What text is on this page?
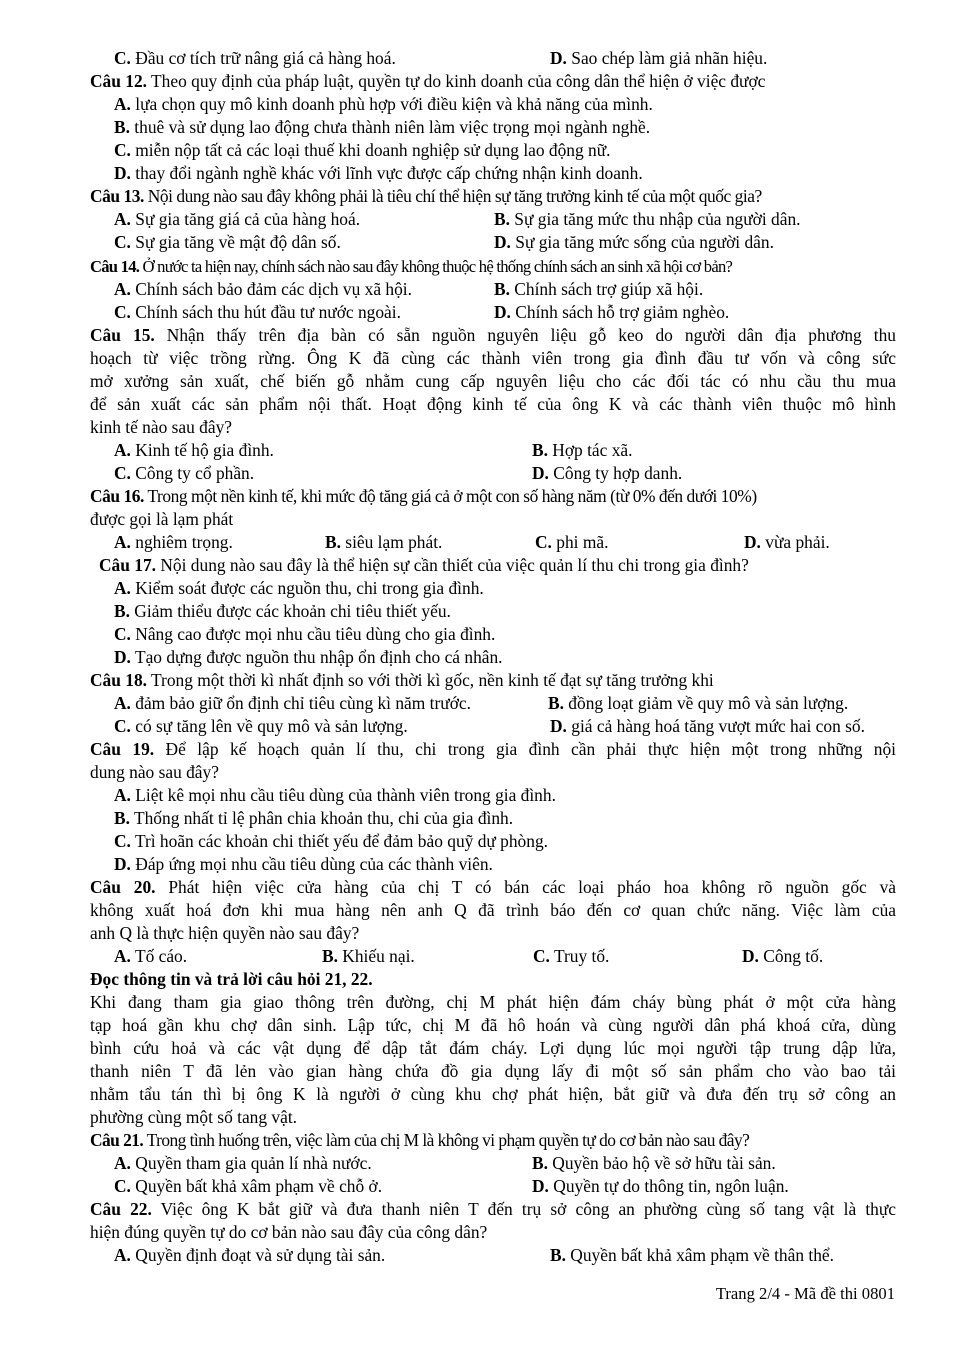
C. Đầu cơ tích trữ nâng giá cả hàng hoá.	D. Sao chép làm giả nhãn hiệu.
Câu 12. Theo quy định của pháp luật, quyền tự do kinh doanh của công dân thể hiện ở việc được
A. lựa chọn quy mô kinh doanh phù hợp với điều kiện và khả năng của mình.
B. thuê và sử dụng lao động chưa thành niên làm việc trọng mọi ngành nghề.
C. miễn nộp tất cả các loại thuế khi doanh nghiệp sử dụng lao động nữ.
D. thay đổi ngành nghề khác với lĩnh vực được cấp chứng nhận kinh doanh.
Câu 13. Nội dung nào sau đây không phải là tiêu chí thể hiện sự tăng trưởng kinh tế của một quốc gia?
A. Sự gia tăng giá cả của hàng hoá.	B. Sự gia tăng mức thu nhập của người dân.
C. Sự gia tăng về mật độ dân số.	D. Sự gia tăng mức sống của người dân.
Câu 14. Ở nước ta hiện nay, chính sách nào sau đây không thuộc hệ thống chính sách an sinh xã hội cơ bản?
A. Chính sách bảo đảm các dịch vụ xã hội.	B. Chính sách trợ giúp xã hội.
C. Chính sách thu hút đầu tư nước ngoài.	D. Chính sách hỗ trợ giảm nghèo.
Câu 15. Nhận thấy trên địa bàn có sẵn nguồn nguyên liệu gỗ keo do người dân địa phương thu
hoạch từ việc trồng rừng. Ông K đã cùng các thành viên trong gia đình đầu tư vốn và công sức
mở xưởng sản xuất, chế biến gỗ nhằm cung cấp nguyên liệu cho các đối tác có nhu cầu thu mua
để sản xuất các sản phẩm nội thất. Hoạt động kinh tế của ông K và các thành viên thuộc mô hình
kinh tế nào sau đây?
A. Kinh tế hộ gia đình.	B. Hợp tác xã.
C. Công ty cổ phần.	D. Công ty hợp danh.
Câu 16. Trong một nền kinh tế, khi mức độ tăng giá cả ở một con số hàng năm (từ 0% đến dưới 10%)
được gọi là lạm phát
A. nghiêm trọng.	B. siêu lạm phát.	C. phi mã.	D. vừa phải.
Câu 17. Nội dung nào sau đây là thể hiện sự cần thiết của việc quản lí thu chi trong gia đình?
A. Kiểm soát được các nguồn thu, chi trong gia đình.
B. Giảm thiểu được các khoản chi tiêu thiết yếu.
C. Nâng cao được mọi nhu cầu tiêu dùng cho gia đình.
D. Tạo dựng được nguồn thu nhập ổn định cho cá nhân.
Câu 18. Trong một thời kì nhất định so với thời kì gốc, nền kinh tế đạt sự tăng trưởng khi
A. đảm bảo giữ ổn định chỉ tiêu cùng kì năm trước.	B. đồng loạt giảm về quy mô và sản lượng.
C. có sự tăng lên về quy mô và sản lượng.	D. giá cả hàng hoá tăng vượt mức hai con số.
Câu 19. Để lập kế hoạch quản lí thu, chi trong gia đình cần phải thực hiện một trong những nội
dung nào sau đây?
A. Liệt kê mọi nhu cầu tiêu dùng của thành viên trong gia đình.
B. Thống nhất tỉ lệ phân chia khoản thu, chi của gia đình.
C. Trì hoãn các khoản chi thiết yếu để đảm bảo quỹ dự phòng.
D. Đáp ứng mọi nhu cầu tiêu dùng của các thành viên.
Câu 20. Phát hiện việc cửa hàng của chị T có bán các loại pháo hoa không rõ nguồn gốc và
không xuất hoá đơn khi mua hàng nên anh Q đã trình báo đến cơ quan chức năng. Việc làm của
anh Q là thực hiện quyền nào sau đây?
A. Tố cáo.	B. Khiếu nại.	C. Truy tố.	D. Công tố.
Đọc thông tin và trả lời câu hỏi 21, 22.
Khi đang tham gia giao thông trên đường, chị M phát hiện đám cháy bùng phát ở một cửa hàng
tạp hoá gần khu chợ dân sinh. Lập tức, chị M đã hô hoán và cùng người dân phá khoá cửa, dùng
bình cứu hoả và các vật dụng để dập tắt đám cháy. Lợi dụng lúc mọi người tập trung dập lửa,
thanh niên T đã lẻn vào gian hàng chứa đồ gia dụng lấy đi một số sản phẩm cho vào bao tải
nhằm tẩu tán thì bị ông K là người ở cùng khu chợ phát hiện, bắt giữ và đưa đến trụ sở công an
phường cùng một số tang vật.
Câu 21. Trong tình huống trên, việc làm của chị M là không vi phạm quyền tự do cơ bản nào sau đây?
A. Quyền tham gia quản lí nhà nước.	B. Quyền bảo hộ về sở hữu tài sản.
C. Quyền bất khả xâm phạm về chỗ ở.	D. Quyền tự do thông tin, ngôn luận.
Câu 22. Việc ông K bắt giữ và đưa thanh niên T đến trụ sở công an phường cùng số tang vật là thực
hiện đúng quyền tự do cơ bản nào sau đây của công dân?
A. Quyền định đoạt và sử dụng tài sản.	B. Quyền bất khả xâm phạm về thân thể.
Trang 2/4 - Mã đề thi 0801
